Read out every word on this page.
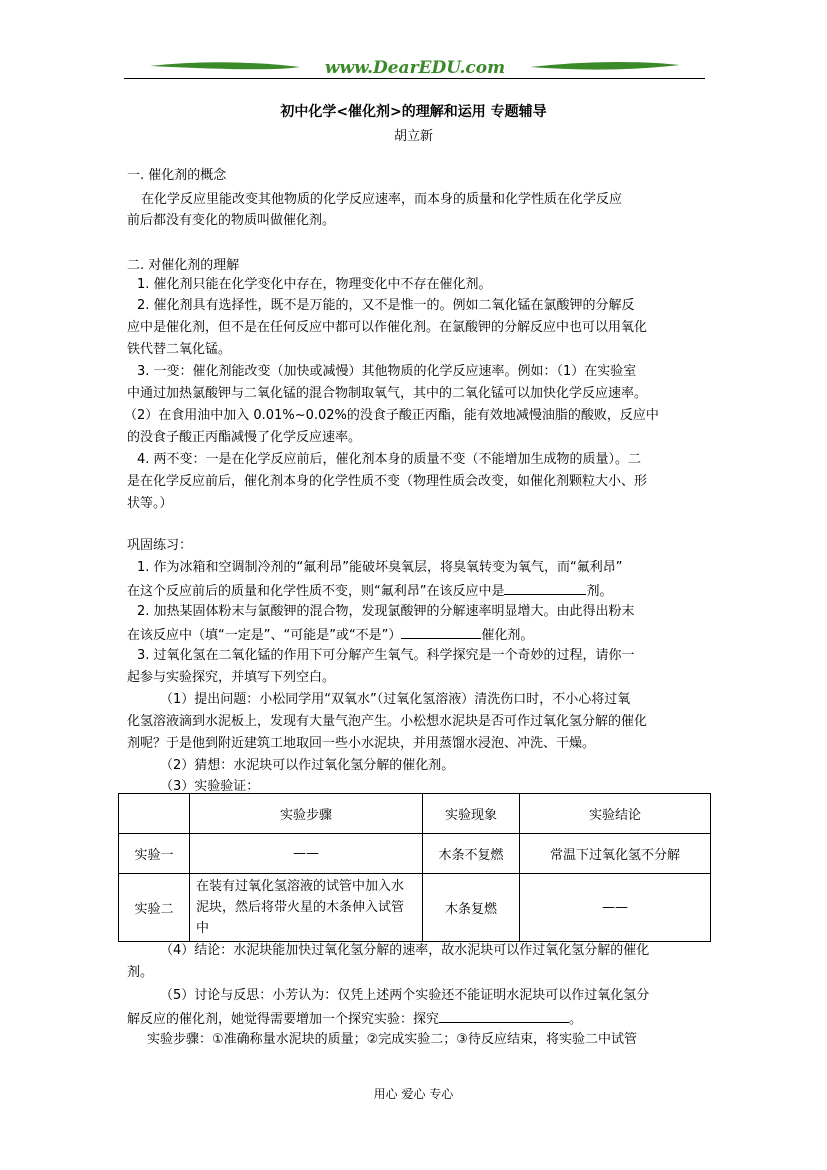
www.DearEDU.com
初中化学<催化剂>的理解和运用 专题辅导
胡立新
一. 催化剂的概念
在化学反应里能改变其他物质的化学反应速率，而本身的质量和化学性质在化学反应
前后都没有变化的物质叫做催化剂。
二. 对催化剂的理解
1. 催化剂只能在化学变化中存在，物理变化中不存在催化剂。
2. 催化剂具有选择性，既不是万能的，又不是惟一的。例如二氧化锰在氯酸钾的分解反
应中是催化剂，但不是在任何反应中都可以作催化剂。在氯酸钾的分解反应中也可以用氧化
铁代替二氧化锰。
3. 一变：催化剂能改变（加快或减慢）其他物质的化学反应速率。例如：（1）在实验室
中通过加热氯酸钾与二氧化锰的混合物制取氧气，其中的二氧化锰可以加快化学反应速率。
（2）在食用油中加入 0.01%~0.02%的没食子酸正丙酯，能有效地减慢油脂的酸败，反应中
的没食子酸正丙酯减慢了化学反应速率。
4. 两不变：一是在化学反应前后，催化剂本身的质量不变（不能增加生成物的质量）。二
是在化学反应前后，催化剂本身的化学性质不变（物理性质会改变，如催化剂颗粒大小、形
状等。）
巩固练习：
1. 作为冰箱和空调制冷剂的“氟利昂”能破坏臭氧层，将臭氧转变为氧气，而“氟利昂”
在这个反应前后的质量和化学性质不变，则“氟利昂”在该反应中是	剂。
2. 加热某固体粉末与氯酸钾的混合物，发现氯酸钾的分解速率明显增大。由此得出粉末
在该反应中（填“一定是”、“可能是”或“不是”）	催化剂。
3. 过氧化氢在二氧化锰的作用下可分解产生氧气。科学探究是一个奇妙的过程，请你一
起参与实验探究，并填写下列空白。
（1）提出问题：小松同学用“双氧水”（过氧化氢溶液）清洗伤口时，不小心将过氧
化氢溶液滴到水泥板上，发现有大量气泡产生。小松想水泥块是否可作过氧化氢分解的催化
剂呢？于是他到附近建筑工地取回一些小水泥块，并用蒸馏水浸泡、冲洗、干燥。
（2）猜想：水泥块可以作过氧化氢分解的催化剂。
（3）实验验证：
	实验步骤	实验现象	实验结论
实验一	——	木条不复燃	常温下过氧化氢不分解
实验二	在装有过氧化氢溶液的试管中加入水泥块，然后将带火星的木条伸入试管中	木条复燃	——
（4）结论：水泥块能加快过氧化氢分解的速率，故水泥块可以作过氧化氢分解的催化
剂。
（5）讨论与反思：小芳认为：仅凭上述两个实验还不能证明水泥块可以作过氧化氢分
解反应的催化剂，她觉得需要增加一个探究实验：探究	。
实验步骤：①准确称量水泥块的质量；②完成实验二；③待反应结束，将实验二中试管
用心 爱心 专心
